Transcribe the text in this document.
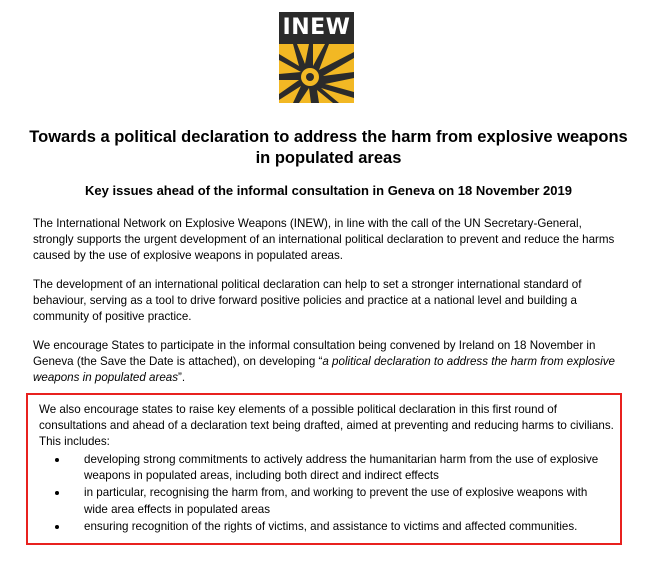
INEW
Towards a political declaration to address the harm from explosive weapons in populated areas
Key issues ahead of the informal consultation in Geneva on 18 November 2019
The International Network on Explosive Weapons (INEW), in line with the call of the UN Secretary-General, strongly supports the urgent development of an international political declaration to prevent and reduce the harms caused by the use of explosive weapons in populated areas.
The development of an international political declaration can help to set a stronger international standard of behaviour, serving as a tool to drive forward positive policies and practice at a national level and building a community of positive practice.
We encourage States to participate in the informal consultation being convened by Ireland on 18 November in Geneva (the Save the Date is attached), on developing “a political declaration to address the harm from explosive weapons in populated areas”.
We also encourage states to raise key elements of a possible political declaration in this first round of consultations and ahead of a declaration text being drafted, aimed at preventing and reducing harms to civilians. This includes:
developing strong commitments to actively address the humanitarian harm from the use of explosive weapons in populated areas, including both direct and indirect effects
in particular, recognising the harm from, and working to prevent the use of explosive weapons with wide area effects in populated areas
ensuring recognition of the rights of victims, and assistance to victims and affected communities.
